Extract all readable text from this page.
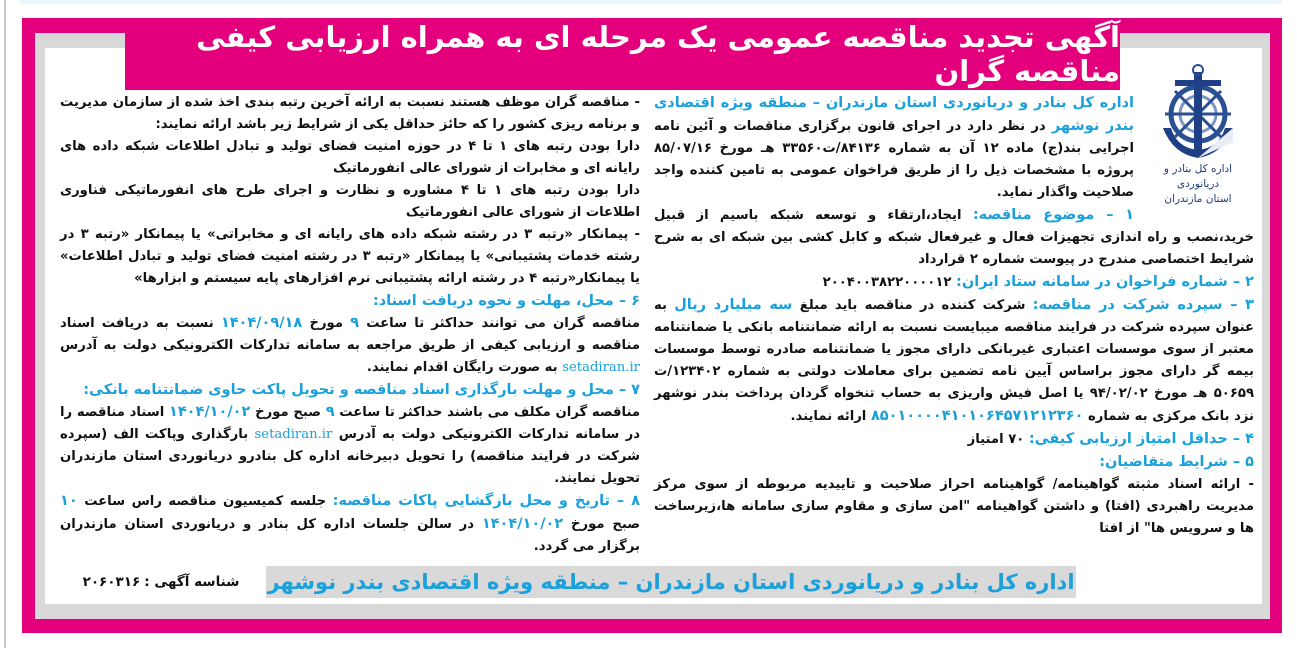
آگهی تجدید مناقصه عمومی یک مرحله ای به همراه ارزیابی کیفی مناقصه گران
اداره کل بنادر و دریانوردی
استان مازندران

اداره کل بنادر و دریانوردی استان مازندران – منطقه ویژه اقتصادی بندر نوشهر در نظر دارد در اجرای قانون برگزاری مناقصات و آئین نامه اجرایی بند(ج) ماده ۱۲ آن به شماره ۸۴۱۳۶/ت۳۳۵۶۰ هـ مورخ ۸۵/۰۷/۱۶ پروژه با مشخصات ذیل را از طریق فراخوان عمومی به تامین کننده واجد صلاحیت واگذار نماید.

۱ – موضوع مناقصه: ایجاد،ارتقاء و توسعه شبکه باسیم از قبیل خرید،نصب و راه اندازی تجهیزات فعال و غیرفعال شبکه و کابل کشی بین شبکه ای به شرح شرایط اختصاصی مندرج در پیوست شماره ۲ قرارداد

۲ – شماره فراخوان در سامانه ستاد ایران: ۲۰۰۴۰۰۳۸۲۲۰۰۰۰۱۲

۳ – سپرده شرکت در مناقصه: شرکت کننده در مناقصه باید مبلغ سه میلیارد ریال به عنوان سپرده شرکت در فرایند مناقصه میبایست نسبت به ارائه ضمانتنامه بانکی یا ضمانتنامه معتبر از سوی موسسات اعتباری غیربانکی دارای مجوز یا ضمانتنامه صادره توسط موسسات بیمه گر دارای مجوز براساس آیین نامه تضمین برای معاملات دولتی به شماره ۱۲۳۴۰۲/ت ۵۰۶۵۹ هـ مورخ ۹۴/۰۲/۰۲ یا اصل فیش واریزی به حساب تنخواه گردان پرداخت بندر نوشهر نزد بانک مرکزی به شماره ۸۵۰۱۰۰۰۰۴۱۰۱۰۶۴۵۷۱۲۱۲۳۶۰ ارائه نمایند.

۴ – حداقل امتیاز ارزیابی کیفی: ۷۰ امتیاز

۵ – شرایط متقاضیان:

- ارائه اسناد مثبته گواهینامه/ گواهینامه احراز صلاحیت و تاییدیه مربوطه از سوی مرکز مدیریت راهبردی (افتا) و داشتن گواهینامه "امن سازی و مقاوم سازی سامانه ها،زیرساخت ها و سرویس ها" از افتا

- مناقصه گران موظف هستند نسبت به ارائه آخرین رتبه بندی اخذ شده از سازمان مدیریت و برنامه ریزی کشور را که حائز حداقل یکی از شرایط زیر باشد ارائه نمایند:

دارا بودن رتبه های ۱ تا ۴ در حوزه امنیت فضای تولید و تبادل اطلاعات شبکه داده های رایانه ای و مخابرات از شورای عالی انفورماتیک

دارا بودن رتبه های ۱ تا ۴ مشاوره و نظارت و اجرای طرح های انفورماتیکی فناوری اطلاعات از شورای عالی انفورماتیک

- پیمانکار «رتبه ۳ در رشته شبکه داده های رایانه ای و مخابراتی» یا پیمانکار «رتبه ۳ در رشته خدمات پشتیبانی» یا پیمانکار «رتبه ۳ در رشته امنیت فضای تولید و تبادل اطلاعات» یا پیمانکار«رتبه ۴ در رشته ارائه پشتیبانی نرم افزارهای پایه سیستم و ابزارها»

۶ – محل، مهلت و نحوه دریافت اسناد:

مناقصه گران می توانند حداکثر تا ساعت ۹ مورخ ۱۴۰۴/۰۹/۱۸ نسبت به دریافت اسناد مناقصه و ارزیابی کیفی از طریق مراجعه به سامانه تدارکات الکترونیکی دولت به آدرس setadiran.ir به صورت رایگان اقدام نمایند.

۷ – محل و مهلت بارگذاری اسناد مناقصه و تحویل پاکت حاوی ضمانتنامه بانکی:

مناقصه گران مکلف می باشند حداکثر تا ساعت ۹ صبح مورخ ۱۴۰۴/۱۰/۰۲ اسناد مناقصه را در سامانه تدارکات الکترونیکی دولت به آدرس setadiran.ir بارگذاری وپاکت الف (سپرده شرکت در فرایند مناقصه) را تحویل دبیرخانه اداره کل بنادرو دریانوردی استان مازندران تحویل نمایند.

۸ – تاریخ و محل بازگشایی پاکات مناقصه: جلسه کمیسیون مناقصه راس ساعت ۱۰ صبح مورخ ۱۴۰۴/۱۰/۰۲ در سالن جلسات اداره کل بنادر و دریانوردی استان مازندران برگزار می گردد.

اداره کل بنادر و دریانوردی استان مازندران – منطقه ویژه اقتصادی بندر نوشهر
شناسه آگهی :
۲۰۶۰۳۱۶
